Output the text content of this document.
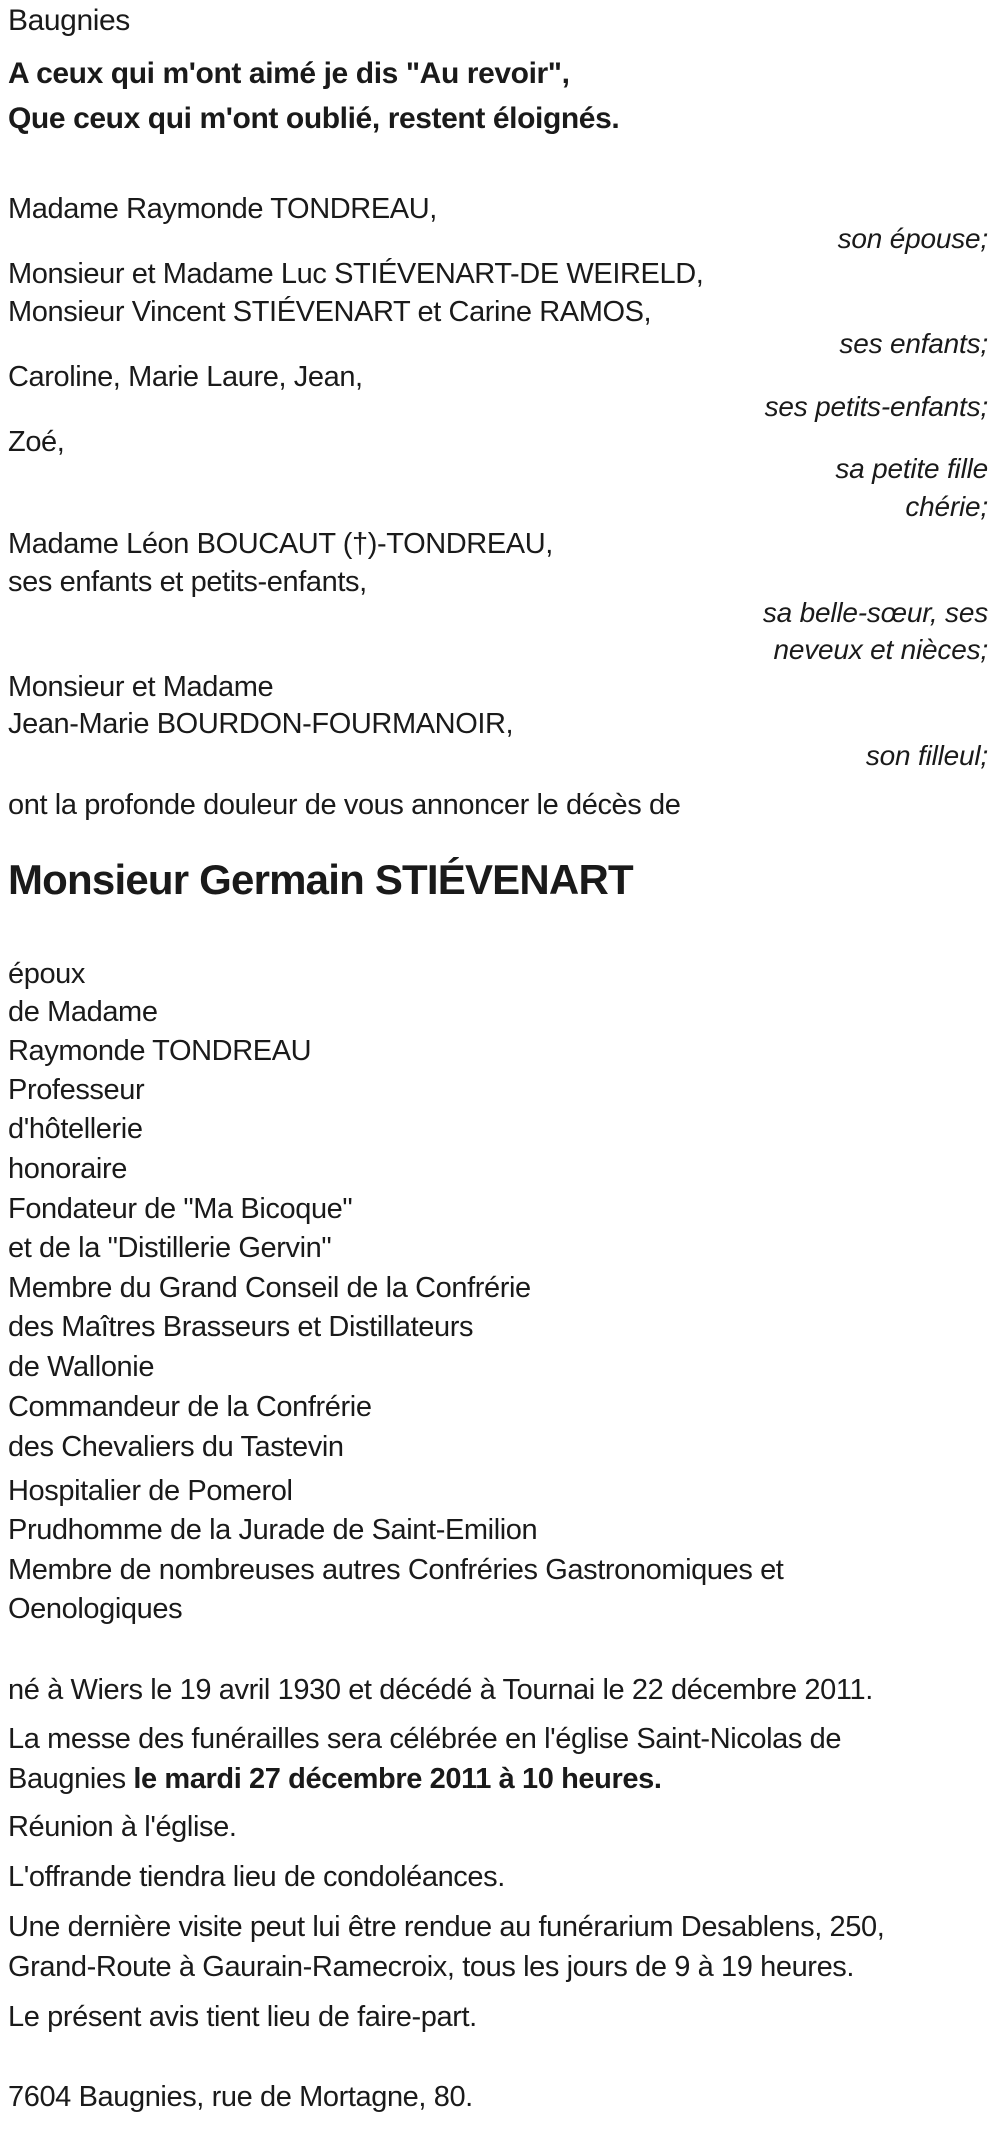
Baugnies
A ceux qui m'ont aimé je dis "Au revoir",
Que ceux qui m'ont oublié, restent éloignés.
Madame Raymonde TONDREAU,
son épouse;
Monsieur et Madame Luc STIÉVENART-DE WEIRELD,
Monsieur Vincent STIÉVENART et Carine RAMOS,
ses enfants;
Caroline, Marie Laure, Jean,
ses petits-enfants;
Zoé,
sa petite fille
chérie;
Madame Léon BOUCAUT (†)-TONDREAU,
ses enfants et petits-enfants,
sa belle-sœur, ses
neveux et nièces;
Monsieur et Madame
Jean-Marie BOURDON-FOURMANOIR,
son filleul;
ont la profonde douleur de vous annoncer le décès de
Monsieur Germain STIÉVENART
époux
de Madame
Raymonde TONDREAU
Professeur
d'hôtellerie
honoraire
Fondateur de "Ma Bicoque"
et de la "Distillerie Gervin"
Membre du Grand Conseil de la Confrérie
des Maîtres Brasseurs et Distillateurs
de Wallonie
Commandeur de la Confrérie
des Chevaliers du Tastevin
Hospitalier de Pomerol
Prudhomme de la Jurade de Saint-Emilion
Membre de nombreuses autres Confréries Gastronomiques et
Oenologiques
né à Wiers le 19 avril 1930 et décédé à Tournai le 22 décembre 2011.
La messe des funérailles sera célébrée en l'église Saint-Nicolas de
Baugnies le mardi 27 décembre 2011 à 10 heures.
Réunion à l'église.
L'offrande tiendra lieu de condoléances.
Une dernière visite peut lui être rendue au funérarium Desablens, 250,
Grand-Route à Gaurain-Ramecroix, tous les jours de 9 à 19 heures.
Le présent avis tient lieu de faire-part.
7604 Baugnies, rue de Mortagne, 80.
